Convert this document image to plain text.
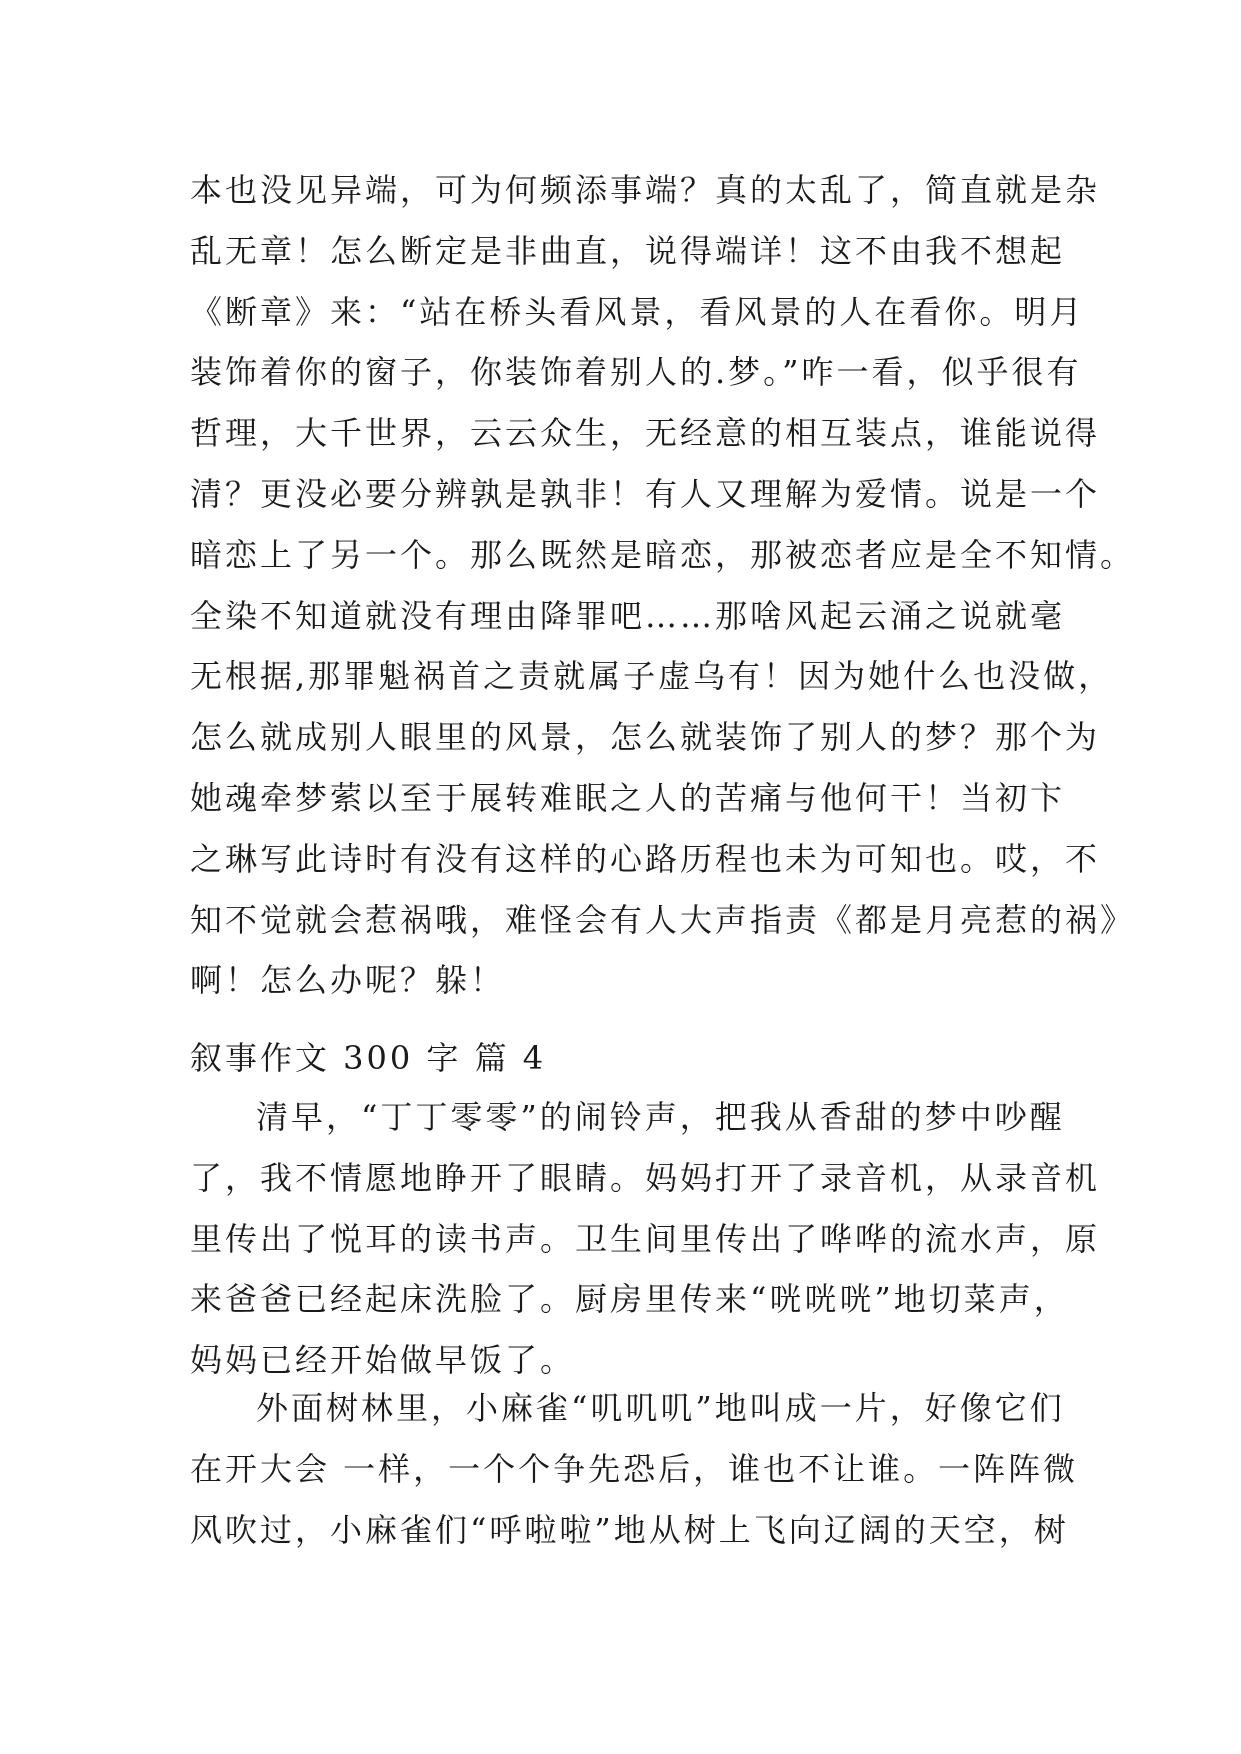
本也没见异端，可为何频添事端？真的太乱了，简直就是杂
乱无章！怎么断定是非曲直，说得端详！这不由我不想起
《断章》来：“站在桥头看风景，看风景的人在看你。明月
装饰着你的窗子，你装饰着别人的.梦。”咋一看，似乎很有
哲理，大千世界，云云众生，无经意的相互装点，谁能说得
清？更没必要分辨孰是孰非！有人又理解为爱情。说是一个
暗恋上了另一个。那么既然是暗恋，那被恋者应是全不知情。
全染不知道就没有理由降罪吧……那啥风起云涌之说就毫
无根据,那罪魁祸首之责就属子虚乌有！因为她什么也没做，
怎么就成别人眼里的风景，怎么就装饰了别人的梦？那个为
她魂牵梦萦以至于展转难眠之人的苦痛与他何干！当初卞
之琳写此诗时有没有这样的心路历程也未为可知也。哎，不
知不觉就会惹祸哦，难怪会有人大声指责《都是月亮惹的祸》
啊！怎么办呢？躲！
叙事作文 300 字 篇 4
清早，“丁丁零零”的闹铃声，把我从香甜的梦中吵醒
了，我不情愿地睁开了眼睛。妈妈打开了录音机，从录音机
里传出了悦耳的读书声。卫生间里传出了哗哗的流水声，原
来爸爸已经起床洗脸了。厨房里传来“咣咣咣”地切菜声，
妈妈已经开始做早饭了。
外面树林里，小麻雀“叽叽叽”地叫成一片，好像它们
在开大会 一样，一个个争先恐后，谁也不让谁。一阵阵微
风吹过，小麻雀们“呼啦啦”地从树上飞向辽阔的天空，树
